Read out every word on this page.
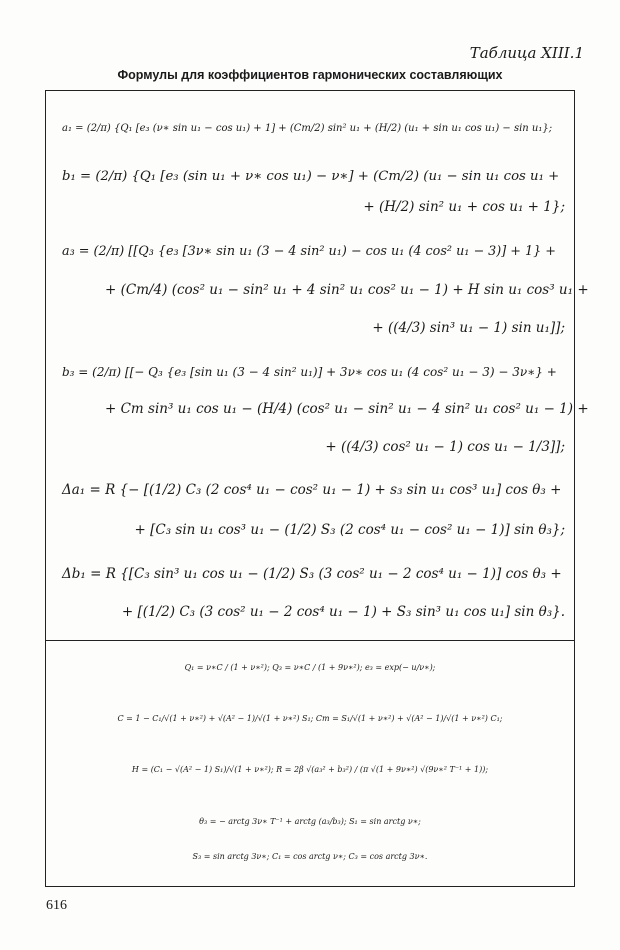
Таблица XIII.1
Формулы для коэффициентов гармонических составляющих
a₁ = (2/π) {Q₁ [e₃ (ν∗ sin u₁ − cos u₁) + 1] + (Cт/2) sin² u₁ + (H/2) (u₁ + sin u₁ cos u₁) − sin u₁};
b₁ = (2/π) {Q₁ [e₃ (sin u₁ + ν∗ cos u₁) − ν∗] + (Cт/2) (u₁ − sin u₁ cos u₁ +
+ (H/2) sin² u₁ + cos u₁ + 1};
a₃ = (2/π) [[Q₃ {e₃ [3ν∗ sin u₁ (3 − 4 sin² u₁) − cos u₁ (4 cos² u₁ − 3)] + 1} +
+ (Cт/4) (cos² u₁ − sin² u₁ + 4 sin² u₁ cos² u₁ − 1) + H sin u₁ cos³ u₁ +
+ ((4/3) sin³ u₁ − 1) sin u₁]];
b₃ = (2/π) [[− Q₃ {e₃ [sin u₁ (3 − 4 sin² u₁)] + 3ν∗ cos u₁ (4 cos² u₁ − 3) − 3ν∗} +
+ Cт sin³ u₁ cos u₁ − (H/4) (cos² u₁ − sin² u₁ − 4 sin² u₁ cos² u₁ − 1) +
+ ((4/3) cos² u₁ − 1) cos u₁ − 1/3]];
Δa₁ = R {− [(1/2) C₃ (2 cos⁴ u₁ − cos² u₁ − 1) + s₃ sin u₁ cos³ u₁] cos θ₃ +
+ [C₃ sin u₁ cos³ u₁ − (1/2) S₃ (2 cos⁴ u₁ − cos² u₁ − 1)] sin θ₃};
Δb₁ = R {[C₃ sin³ u₁ cos u₁ − (1/2) S₃ (3 cos² u₁ − 2 cos⁴ u₁ − 1)] cos θ₃ +
+ [(1/2) C₃ (3 cos² u₁ − 2 cos⁴ u₁ − 1) + S₃ sin³ u₁ cos u₁] sin θ₃}.
Q₁ = ν∗C / (1 + ν∗²); Q₃ = ν∗C / (1 + 9ν∗²); e₃ = exp(− u/ν∗);
C = 1 − C₁/√(1 + ν∗²) + √(A² − 1)/√(1 + ν∗²) S₁; Cт = S₁/√(1 + ν∗²) + √(A² − 1)/√(1 + ν∗²) C₁;
H = (C₁ − √(A² − 1) S₁)/√(1 + ν∗²); R = 2β √(a₃² + b₃²) / (π √(1 + 9ν∗²) √(9ν∗² T⁻¹ + 1));
θ₃ = − arctg 3ν∗ T⁻¹ + arctg (a₃/b₃); S₁ = sin arctg ν∗;
S₃ = sin arctg 3ν∗; C₁ = cos arctg ν∗; C₃ = cos arctg 3ν∗.
616
